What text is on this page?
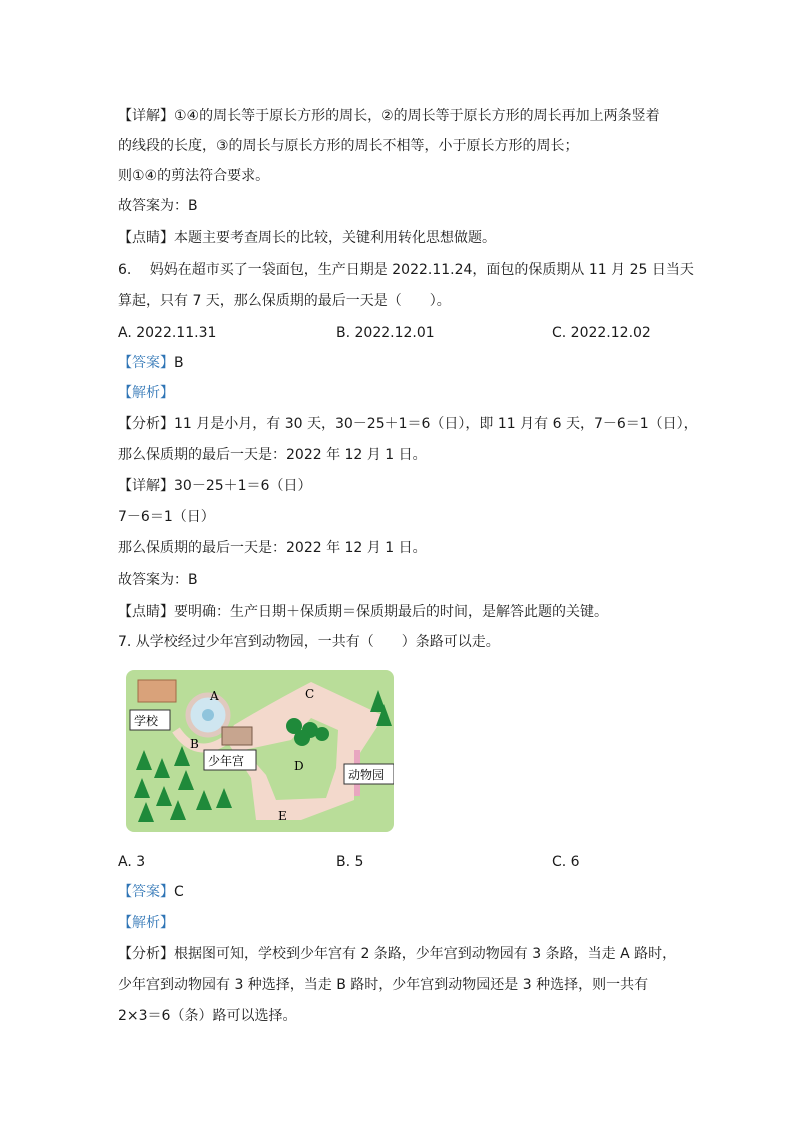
【详解】①④的周长等于原长方形的周长，②的周长等于原长方形的周长再加上两条竖着
的线段的长度，③的周长与原长方形的周长不相等，小于原长方形的周长；
则①④的剪法符合要求。
故答案为：B
【点睛】本题主要考查周长的比较，关键利用转化思想做题。
6.　 妈妈在超市买了一袋面包，生产日期是 2022.11.24，面包的保质期从 11 月 25 日当天
算起，只有 7 天，那么保质期的最后一天是（　　）。
A. 2022.11.31	B. 2022.12.01	C. 2022.12.02
【答案】B
【解析】
【分析】11 月是小月，有 30 天，30－25＋1＝6（日），即 11 月有 6 天，7－6＝1（日），
那么保质期的最后一天是：2022 年 12 月 1 日。
【详解】30－25＋1＝6（日）
7－6＝1（日）
那么保质期的最后一天是：2022 年 12 月 1 日。
故答案为：B
【点睛】要明确：生产日期＋保质期＝保质期最后的时间，是解答此题的关键。
7. 从学校经过少年宫到动物园，一共有（　　）条路可以走。
A
B
C
D
E
学校
少年宫
动物园
A. 3	B. 5	C. 6
【答案】C
【解析】
【分析】根据图可知，学校到少年宫有 2 条路，少年宫到动物园有 3 条路，当走 A 路时，
少年宫到动物园有 3 种选择，当走 B 路时，少年宫到动物园还是 3 种选择，则一共有
2×3＝6（条）路可以选择。
